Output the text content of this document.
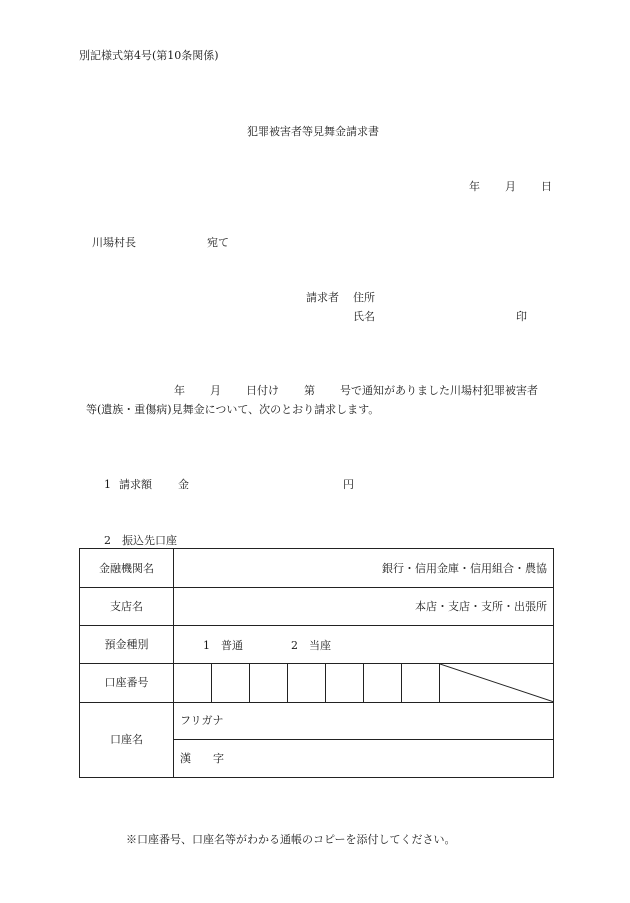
別記様式第4号(第10条関係)
犯罪被害者等見舞金請求書
年 月 日
川場村長	宛て
請求者 住所
氏名	印
年 月 日付け 第 号で通知がありました川場村犯罪被害者
等(遺族・重傷病)見舞金について、次のとおり請求します。
1 請求額 金	円
2　振込先口座
金融機関名	銀行・信用金庫・信用組合・農協							
支店名	本店・支店・支所・出張所							
預金種別	1　普通 2　当座							

口座番号								

口座名	フリガナ							
	漢　　字							
※口座番号、口座名等がわかる通帳のコピーを添付してください。
